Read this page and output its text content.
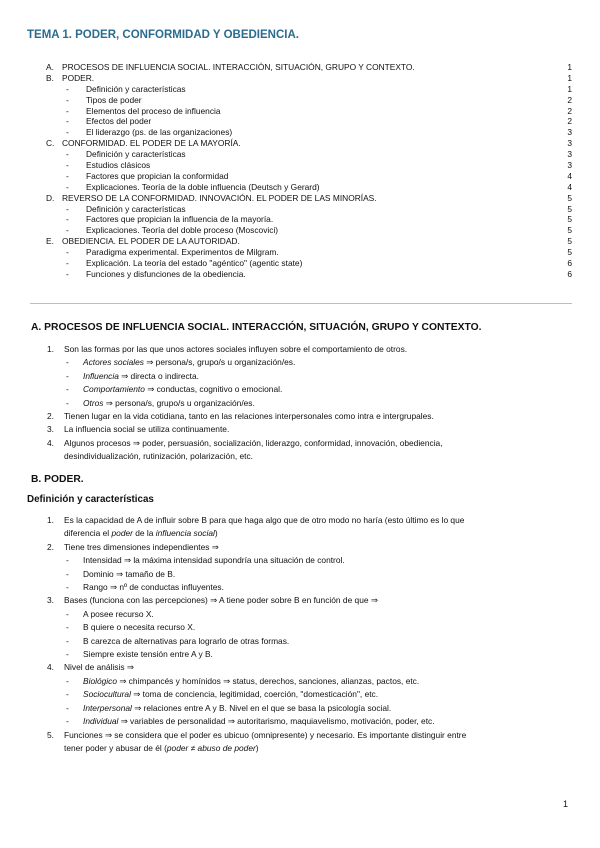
TEMA 1. PODER, CONFORMIDAD Y OBEDIENCIA.
A. PROCESOS DE INFLUENCIA SOCIAL. INTERACCIÓN, SITUACIÓN, GRUPO Y CONTEXTO.	1
B. PODER.	1
- Definición y características	1
- Tipos de poder	2
- Elementos del proceso de influencia	2
- Efectos del poder	2
- El liderazgo (ps. de las organizaciones)	3
C. CONFORMIDAD. EL PODER DE LA MAYORÍA.	3
- Definición y características	3
- Estudios clásicos	3
- Factores que propician la conformidad	4
- Explicaciones. Teoría de la doble influencia (Deutsch y Gerard)	4
D. REVERSO DE LA CONFORMIDAD. INNOVACIÓN. EL PODER DE LAS MINORÍAS.	5
- Definición y características	5
- Factores que propician la influencia de la mayoría.	5
- Explicaciones. Teoría del doble proceso (Moscovici)	5
E. OBEDIENCIA. EL PODER DE LA AUTORIDAD.	5
- Paradigma experimental. Experimentos de Milgram.	5
- Explicación. La teoría del estado "agéntico" (agentic state)	6
- Funciones y disfunciones de la obediencia.	6
A. PROCESOS DE INFLUENCIA SOCIAL. INTERACCIÓN, SITUACIÓN, GRUPO Y CONTEXTO.
1. Son las formas por las que unos actores sociales influyen sobre el comportamiento de otros.
- Actores sociales ⇒ persona/s, grupo/s u organización/es.
- Influencia ⇒ directa o indirecta.
- Comportamiento ⇒ conductas, cognitivo o emocional.
- Otros ⇒ persona/s, grupo/s u organización/es.
2. Tienen lugar en la vida cotidiana, tanto en las relaciones interpersonales como intra e intergrupales.
3. La influencia social se utiliza continuamente.
4. Algunos procesos ⇒ poder, persuasión, socialización, liderazgo, conformidad, innovación, obediencia,
desindividualización, rutinización, polarización, etc.
B. PODER.
Definición y características
1. Es la capacidad de A de influir sobre B para que haga algo que de otro modo no haría (esto último es lo que
diferencia el poder de la influencia social)
2. Tiene tres dimensiones independientes ⇒
- Intensidad ⇒ la máxima intensidad supondría una situación de control.
- Dominio ⇒ tamaño de B.
- Rango ⇒ nº de conductas influyentes.
3. Bases (funciona con las percepciones) ⇒ A tiene poder sobre B en función de que ⇒
- A posee recurso X.
- B quiere o necesita recurso X.
- B carezca de alternativas para lograrlo de otras formas.
- Siempre existe tensión entre A y B.
4. Nivel de análisis ⇒
- Biológico ⇒ chimpancés y homínidos ⇒ status, derechos, sanciones, alianzas, pactos, etc.
- Sociocultural ⇒ toma de conciencia, legitimidad, coerción, "domesticación", etc.
- Interpersonal ⇒ relaciones entre A y B. Nivel en el que se basa la psicología social.
- Individual ⇒ variables de personalidad ⇒ autoritarismo, maquiavelismo, motivación, poder, etc.
5. Funciones ⇒ se considera que el poder es ubicuo (omnipresente) y necesario. Es importante distinguir entre
tener poder y abusar de él (poder ≠ abuso de poder)
1
